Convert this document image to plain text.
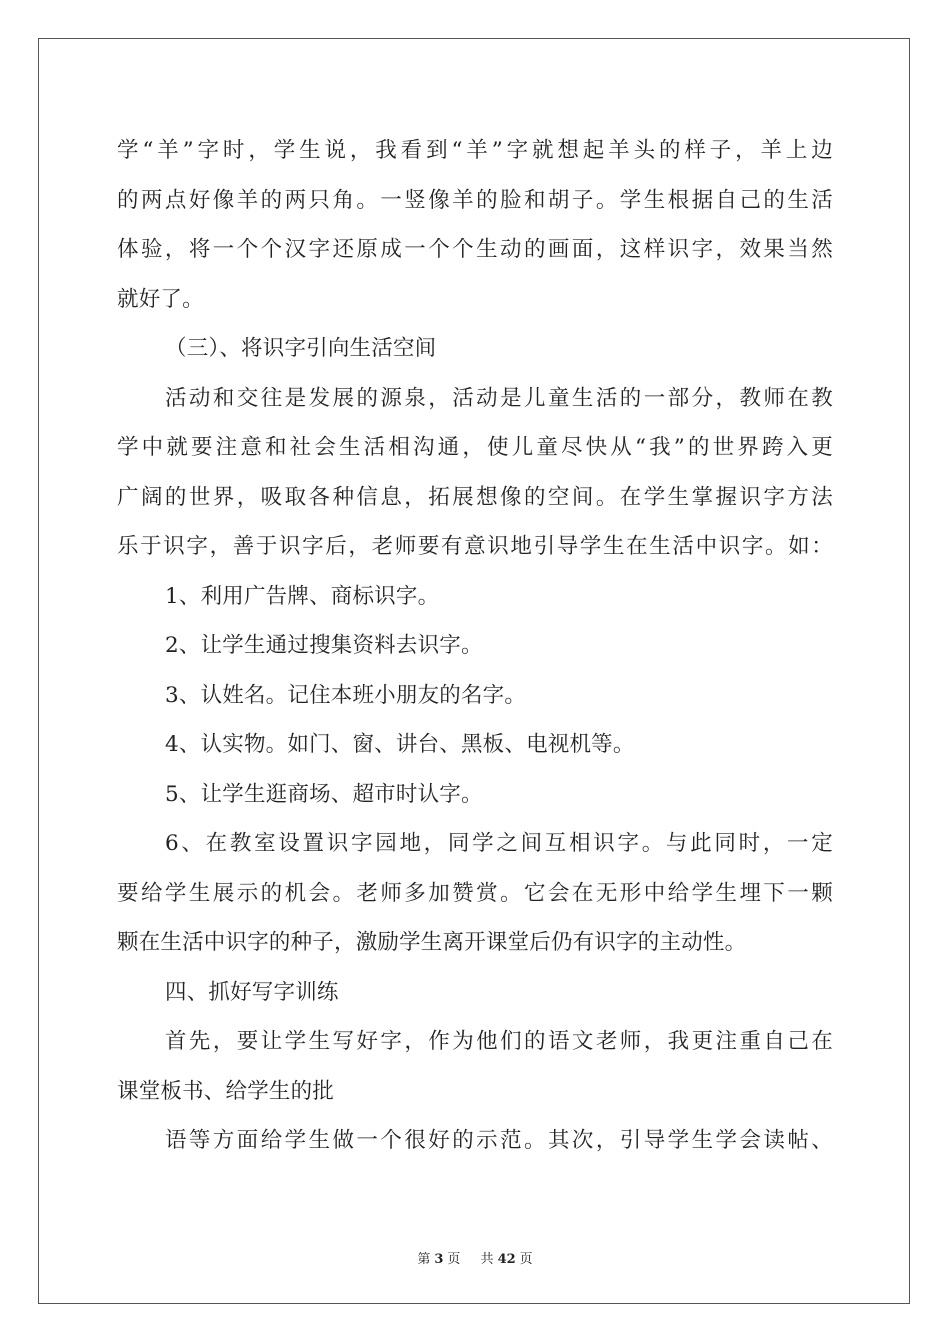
学“羊”字时，学生说，我看到“羊”字就想起羊头的样子，羊上边
的两点好像羊的两只角。一竖像羊的脸和胡子。学生根据自己的生活
体验，将一个个汉字还原成一个个生动的画面，这样识字，效果当然
就好了。
（三）、将识字引向生活空间
活动和交往是发展的源泉，活动是儿童生活的一部分，教师在教
学中就要注意和社会生活相沟通，使儿童尽快从“我”的世界跨入更
广阔的世界，吸取各种信息，拓展想像的空间。在学生掌握识字方法
乐于识字，善于识字后，老师要有意识地引导学生在生活中识字。如：
1、利用广告牌、商标识字。
2、让学生通过搜集资料去识字。
3、认姓名。记住本班小朋友的名字。
4、认实物。如门、窗、讲台、黑板、电视机等。
5、让学生逛商场、超市时认字。
6、在教室设置识字园地，同学之间互相识字。与此同时，一定
要给学生展示的机会。老师多加赞赏。它会在无形中给学生埋下一颗
颗在生活中识字的种子，激励学生离开课堂后仍有识字的主动性。
四、抓好写字训练
首先，要让学生写好字，作为他们的语文老师，我更注重自己在
课堂板书、给学生的批
语等方面给学生做一个很好的示范。其次，引导学生学会读帖、
第 3 页 共 42 页
